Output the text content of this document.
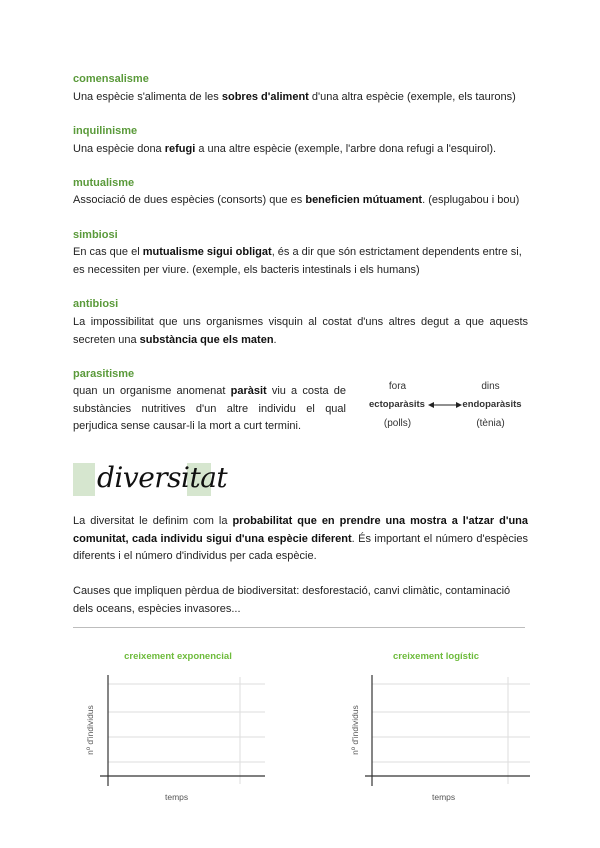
comensalisme
Una espècie s'alimenta de les sobres d'aliment d'una altra espècie (exemple, els taurons)
inquilinisme
Una espècie dona refugi a una altre espècie (exemple, l'arbre dona refugi a l'esquirol).
mutualisme
Associació de dues espècies (consorts) que es beneficien mútuament. (esplugabou i bou)
simbiosi
En cas que el mutualisme sigui obligat, és a dir que són estrictament dependents entre si, es necessiten per viure. (exemple, els bacteris intestinals i els humans)
antibiosi
La impossibilitat que uns organismes visquin al costat d'uns altres degut a que aquests secreten una substància que els maten.
parasitisme
quan un organisme anomenat paràsit viu a costa de substàncies nutritives d'un altre individu el qual perjudica sense causar-li la mort a curt termini.
fora	dins
ectoparàsits	endoparàsits
(polls)	(tènia)
diversitat
La diversitat le definim com la probabilitat que en prendre una mostra a l'atzar d'una comunitat, cada individu sigui d'una espècie diferent. És important el número d'espècies diferents i el número d'individus per cada espècie.
Causes que impliquen pèrdua de biodiversitat: desforestació, canvi climàtic, contaminació dels oceans, espècies invasores...
creixement exponencial
nº d'individus
temps
creixement logístic
nº d'individus
temps
